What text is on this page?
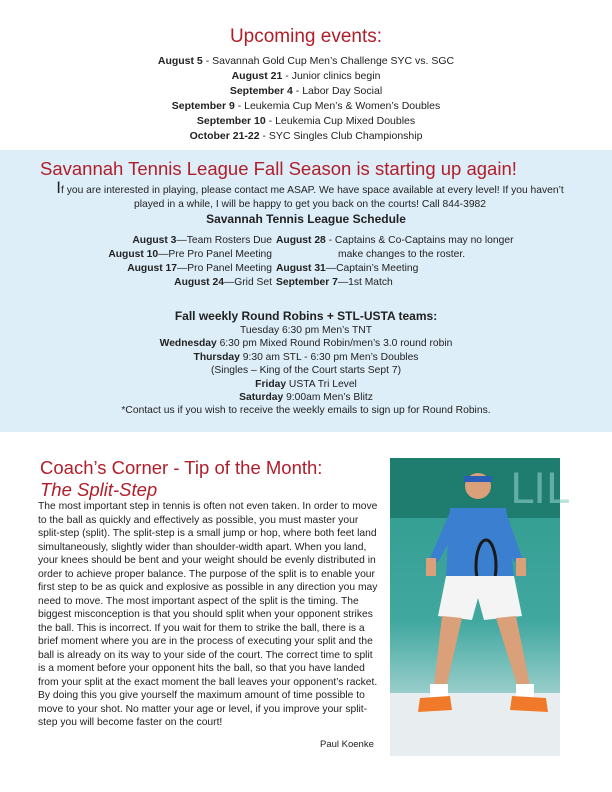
Upcoming events:
August 5 - Savannah Gold Cup Men’s Challenge SYC vs. SGC
August 21 - Junior clinics begin
September 4 - Labor Day Social
September 9 - Leukemia Cup Men’s & Women’s Doubles
September 10 - Leukemia Cup Mixed Doubles
October 21-22 - SYC Singles Club Championship
Savannah Tennis League Fall Season is starting up again!
If you are interested in playing, please contact me ASAP. We have space available at every level! If you haven’t played in a while, I will be happy to get you back on the courts! Call 844-3982
Savannah Tennis League Schedule
August 3—Team Rosters Due
August 10—Pre Pro Panel Meeting
August 17—Pro Panel Meeting
August 24—Grid Set
August 28 - Captains & Co-Captains may no longer
make changes to the roster.
August 31—Captain’s Meeting
September 7—1st Match
Fall weekly Round Robins + STL-USTA teams:
Tuesday 6:30 pm Men’s TNT
Wednesday 6:30 pm Mixed Round Robin/men’s 3.0 round robin
Thursday 9:30 am STL - 6:30 pm Men’s Doubles
(Singles – King of the Court starts Sept 7)
Friday USTA Tri Level
Saturday 9:00am Men’s Blitz
*Contact us if you wish to receive the weekly emails to sign up for Round Robins.
Coach’s Corner - Tip of the Month:
The Split-Step
The most important step in tennis is often not even taken. In order to move to the ball as quickly and effectively as possible, you must master your split-step (split). The split-step is a small jump or hop, where both feet land simultaneously, slightly wider than shoulder-width apart. When you land, your knees should be bent and your weight should be evenly distributed in order to achieve proper balance. The purpose of the split is to enable your first step to be as quick and explosive as possible in any direction you may need to move. The most important aspect of the split is the timing. The biggest misconception is that you should split when your opponent strikes the ball. This is incorrect. If you wait for them to strike the ball, there is a brief moment where you are in the process of executing your split and the ball is already on its way to your side of the court. The correct time to split is a moment before your opponent hits the ball, so that you have landed from your split at the exact moment the ball leaves your opponent’s racket. By doing this you give yourself the maximum amount of time possible to move to your shot. No matter your age or level, if you improve your split-step you will become faster on the court!
Paul Koenke
LIL
